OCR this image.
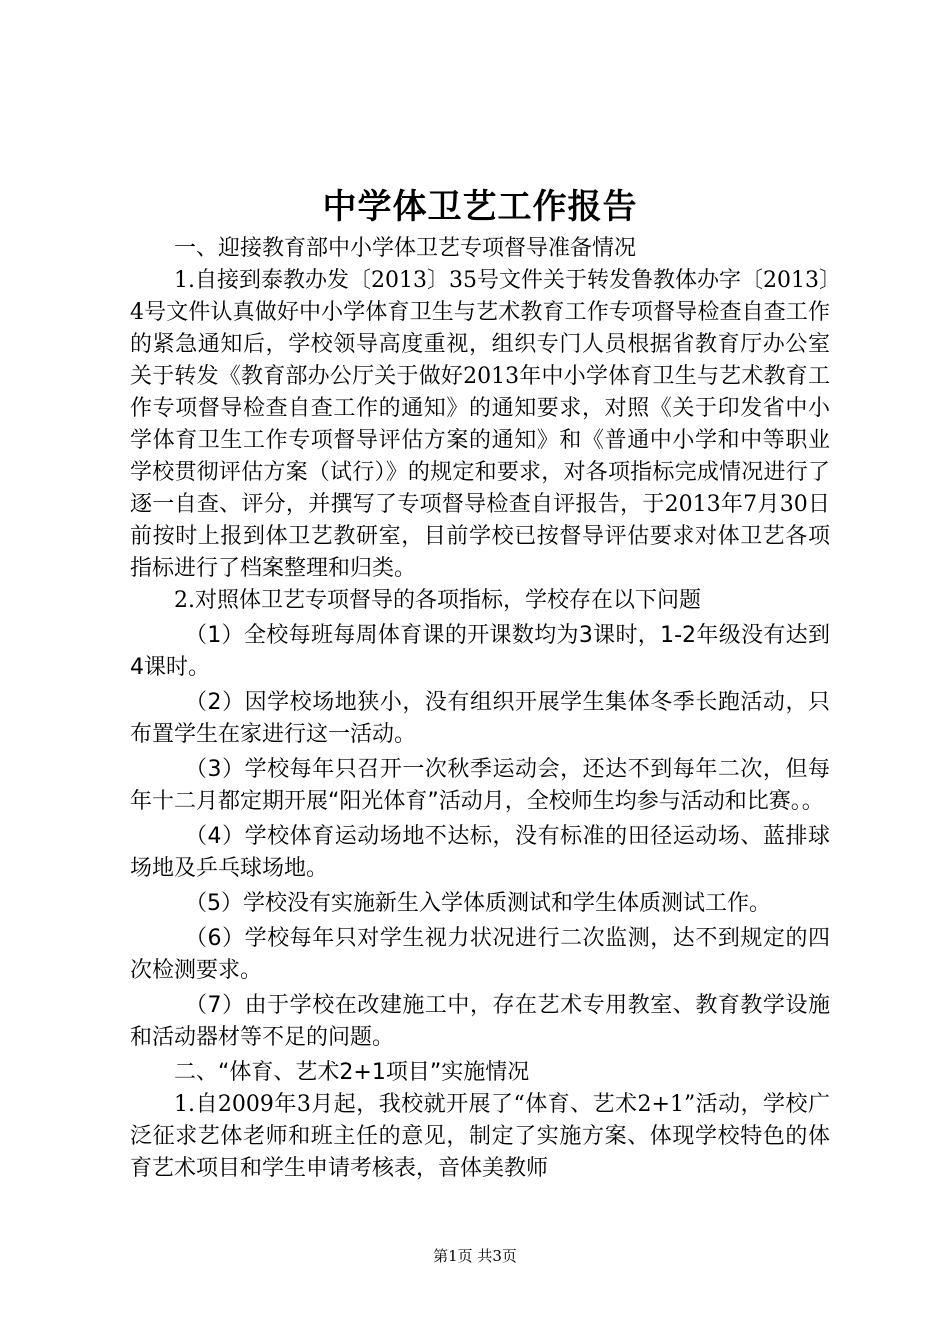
中学体卫艺工作报告

一、迎接教育部中小学体卫艺专项督导准备情况

1.自接到泰教办发〔2013〕35号文件关于转发鲁教体办字〔2013〕4号文件认真做好中小学体育卫生与艺术教育工作专项督导检查自查工作的紧急通知后，学校领导高度重视，组织专门人员根据省教育厅办公室关于转发《教育部办公厅关于做好2013年中小学体育卫生与艺术教育工作专项督导检查自查工作的通知》的通知要求，对照《关于印发省中小学体育卫生工作专项督导评估方案的通知》和《普通中小学和中等职业学校贯彻评估方案（试行）》的规定和要求，对各项指标完成情况进行了逐一自查、评分，并撰写了专项督导检查自评报告，于2013年7月30日前按时上报到体卫艺教研室，目前学校已按督导评估要求对体卫艺各项指标进行了档案整理和归类。

2.对照体卫艺专项督导的各项指标，学校存在以下问题

（1）全校每班每周体育课的开课数均为3课时，1-2年级没有达到4课时。

（2）因学校场地狭小，没有组织开展学生集体冬季长跑活动，只布置学生在家进行这一活动。

（3）学校每年只召开一次秋季运动会，还达不到每年二次，但每年十二月都定期开展“阳光体育”活动月，全校师生均参与活动和比赛。。

（4）学校体育运动场地不达标，没有标准的田径运动场、蓝排球场地及乒乓球场地。

（5）学校没有实施新生入学体质测试和学生体质测试工作。

（6）学校每年只对学生视力状况进行二次监测，达不到规定的四次检测要求。

（7）由于学校在改建施工中，存在艺术专用教室、教育教学设施和活动器材等不足的问题。

二、“体育、艺术2+1项目”实施情况

1.自2009年3月起，我校就开展了“体育、艺术2+1”活动，学校广泛征求艺体老师和班主任的意见，制定了实施方案、体现学校特色的体育艺术项目和学生申请考核表，音体美教师

第1页 共3页
